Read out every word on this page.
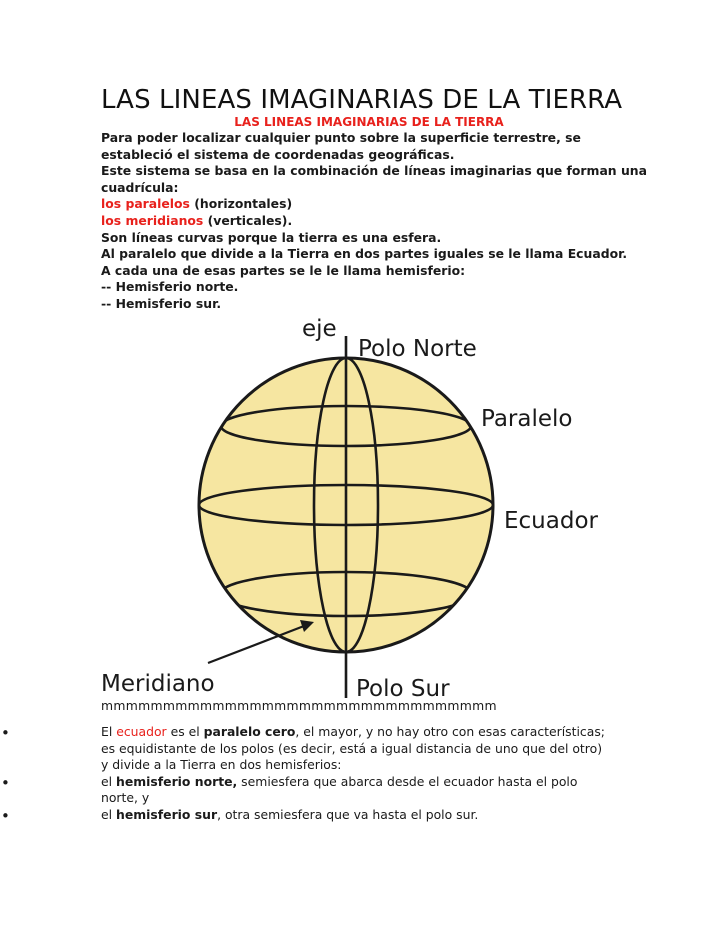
LAS LINEAS IMAGINARIAS DE LA TIERRA
LAS LINEAS IMAGINARIAS DE LA TIERRA
Para poder localizar cualquier punto sobre la superficie terrestre, se
estableció el sistema de coordenadas geográficas.
Este sistema se basa en la combinación de líneas imaginarias que forman una
cuadrícula:
los paralelos (horizontales)
los meridianos (verticales).
Son líneas curvas porque la tierra es una esfera.
Al paralelo que divide a la Tierra en dos partes iguales se le llama Ecuador.
A cada una de esas partes se le le llama hemisferio:
-- Hemisferio norte.
-- Hemisferio sur.
eje
Polo Norte
Paralelo
Ecuador
Meridiano	Polo Sur
mmmmmmmmmmmmmmmmmmmmmmmmmmmmmmmm
•	El ecuador es el paralelo cero, el mayor, y no hay otro con esas características;
es equidistante de los polos (es decir, está a igual distancia de uno que del otro)
y divide a la Tierra en dos hemisferios:
•	el hemisferio norte, semiesfera que abarca desde el ecuador hasta el polo
norte, y
•	el hemisferio sur, otra semiesfera que va hasta el polo sur.
